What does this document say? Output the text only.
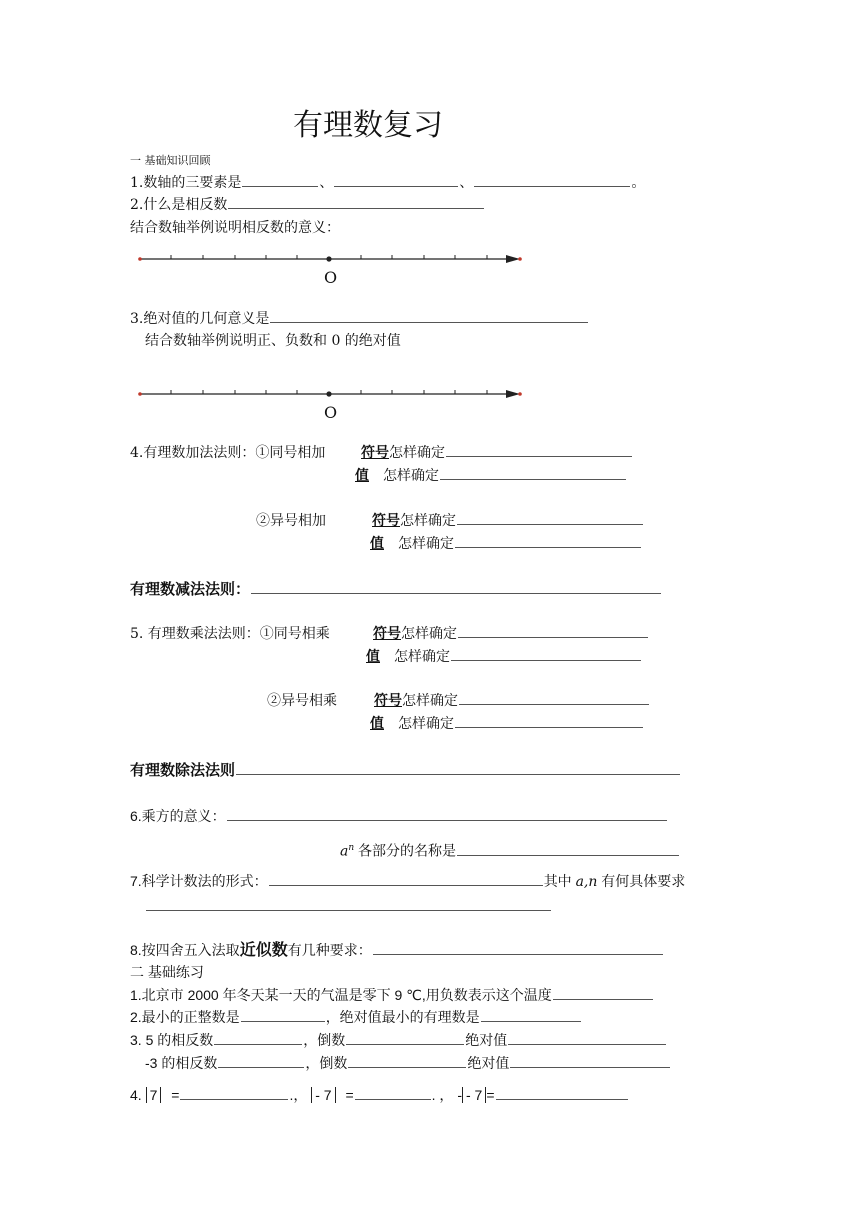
有理数复习
一 基础知识回顾
1.数轴的三要素是	、	、	。
2.什么是相反数
结合数轴举例说明相反数的意义：
O
3.绝对值的几何意义是
结合数轴举例说明正、负数和 0 的绝对值
O
4.有理数加法法则：①同号相加	符号怎样确定
值 怎样确定
②异号相加	符号怎样确定
值 怎样确定
有理数减法法则：
5. 有理数乘法法则：①同号相乘	符号怎样确定
值 怎样确定
②异号相乘	符号怎样确定
值 怎样确定
有理数除法法则
6.乘方的意义：
$a^n$ 各部分的名称是
7.科学计数法的形式：	其中 a,n 有何具体要求
8.按四舍五入法取近似数有几种要求：
二 基础练习
1.北京市 2000 年冬天某一天的气温是零下 9 ℃,用负数表示这个温度
2.最小的正整数是	，绝对值最小的有理数是
3. 5 的相反数	，倒数	绝对值
-3 的相反数	，倒数	绝对值
4. 7 =	.， - 7 =	. ， - - 7 =
